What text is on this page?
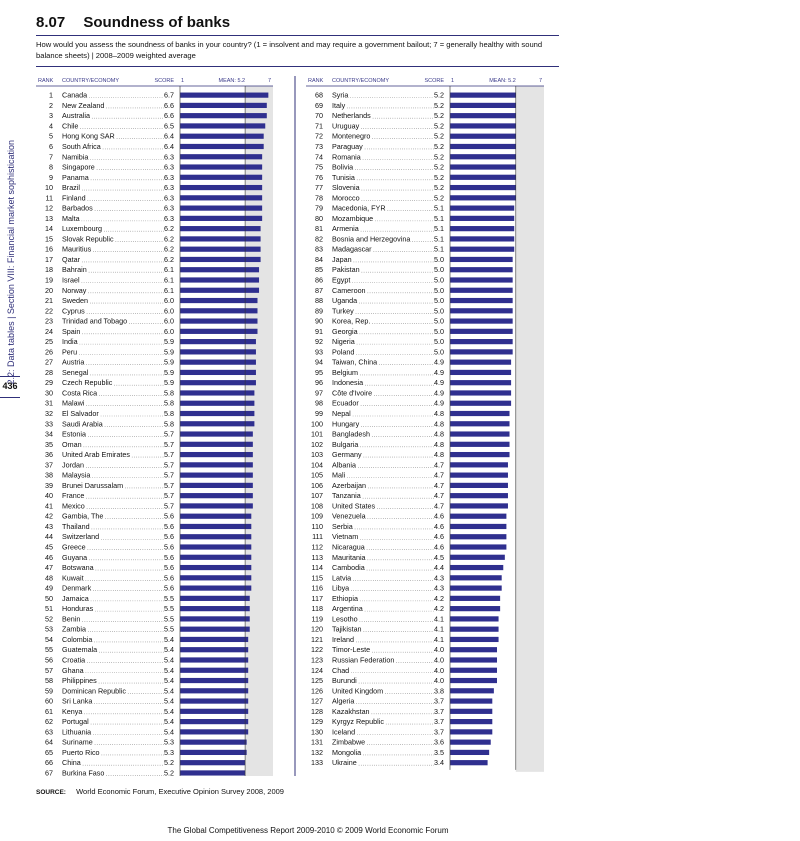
2.2: Data tables | Section VIII: Financial market sophistication
436
8.07 Soundness of banks
How would you assess the soundness of banks in your country? (1 = insolvent and may require a government bailout; 7 = generally healthy with sound balance sheets) | 2008–2009 weighted average
RANK COUNTRY/ECONOMY	SCORE 1	MEAN: 5.2	7
1 Canada	6.7
2 New Zealand	6.6
3 Australia	6.6
4 Chile	6.5
5 Hong Kong SAR	6.4
6 South Africa	6.4
7 Namibia	6.3
8 Singapore	6.3
9 Panama	6.3
10 Brazil	6.3
11 Finland	6.3
12 Barbados	6.3
13 Malta	6.3
14 Luxembourg	6.2
15 Slovak Republic	6.2
16 Mauritius	6.2
17 Qatar	6.2
18 Bahrain	6.1
19 Israel	6.1
20 Norway	6.1
21 Sweden	6.0
22 Cyprus	6.0
23 Trinidad and Tobago	6.0
24 Spain	6.0
25 India	5.9
26 Peru	5.9
27 Austria	5.9
28 Senegal	5.9
29 Czech Republic	5.9
30 Costa Rica	5.8
31 Malawi	5.8
32 El Salvador	5.8
33 Saudi Arabia	5.8
34 Estonia	5.7
35 Oman	5.7
36 United Arab Emirates	5.7
37 Jordan	5.7
38 Malaysia	5.7
39 Brunei Darussalam	5.7
40 France	5.7
41 Mexico	5.7
42 Gambia, The	5.6
43 Thailand	5.6
44 Switzerland	5.6
45 Greece	5.6
46 Guyana	5.6
47 Botswana	5.6
48 Kuwait	5.6
49 Denmark	5.6
50 Jamaica	5.5
51 Honduras	5.5
52 Benin	5.5
53 Zambia	5.5
54 Colombia	5.4
55 Guatemala	5.4
56 Croatia	5.4
57 Ghana	5.4
58 Philippines	5.4
59 Dominican Republic	5.4
60 Sri Lanka	5.4
61 Kenya	5.4
62 Portugal	5.4
63 Lithuania	5.4
64 Suriname	5.3
65 Puerto Rico	5.3
66 China	5.2
67 Burkina Faso	5.2
RANK COUNTRY/ECONOMY	SCORE 1	MEAN: 5.2	7
68 Syria	5.2
69 Italy	5.2
70 Netherlands	5.2
71 Uruguay	5.2
72 Montenegro	5.2
73 Paraguay	5.2
74 Romania	5.2
75 Bolivia	5.2
76 Tunisia	5.2
77 Slovenia	5.2
78 Morocco	5.2
79 Macedonia, FYR	5.1
80 Mozambique	5.1
81 Armenia	5.1
82 Bosnia and Herzegovina	5.1
83 Madagascar	5.1
84 Japan	5.0
85 Pakistan	5.0
86 Egypt	5.0
87 Cameroon	5.0
88 Uganda	5.0
89 Turkey	5.0
90 Korea, Rep.	5.0
91 Georgia	5.0
92 Nigeria	5.0
93 Poland	5.0
94 Taiwan, China	4.9
95 Belgium	4.9
96 Indonesia	4.9
97 Côte d'Ivoire	4.9
98 Ecuador	4.9
99 Nepal	4.8
100 Hungary	4.8
101 Bangladesh	4.8
102 Bulgaria	4.8
103 Germany	4.8
104 Albania	4.7
105 Mali	4.7
106 Azerbaijan	4.7
107 Tanzania	4.7
108 United States	4.7
109 Venezuela	4.6
110 Serbia	4.6
111 Vietnam	4.6
112 Nicaragua	4.6
113 Mauritania	4.5
114 Cambodia	4.4
115 Latvia	4.3
116 Libya	4.3
117 Ethiopia	4.2
118 Argentina	4.2
119 Lesotho	4.1
120 Tajikistan	4.1
121 Ireland	4.1
122 Timor-Leste	4.0
123 Russian Federation	4.0
124 Chad	4.0
125 Burundi	4.0
126 United Kingdom	3.8
127 Algeria	3.7
128 Kazakhstan	3.7
129 Kyrgyz Republic	3.7
130 Iceland	3.7
131 Zimbabwe	3.6
132 Mongolia	3.5
133 Ukraine	3.4
SOURCE: World Economic Forum, Executive Opinion Survey 2008, 2009
The Global Competitiveness Report 2009-2010 © 2009 World Economic Forum
